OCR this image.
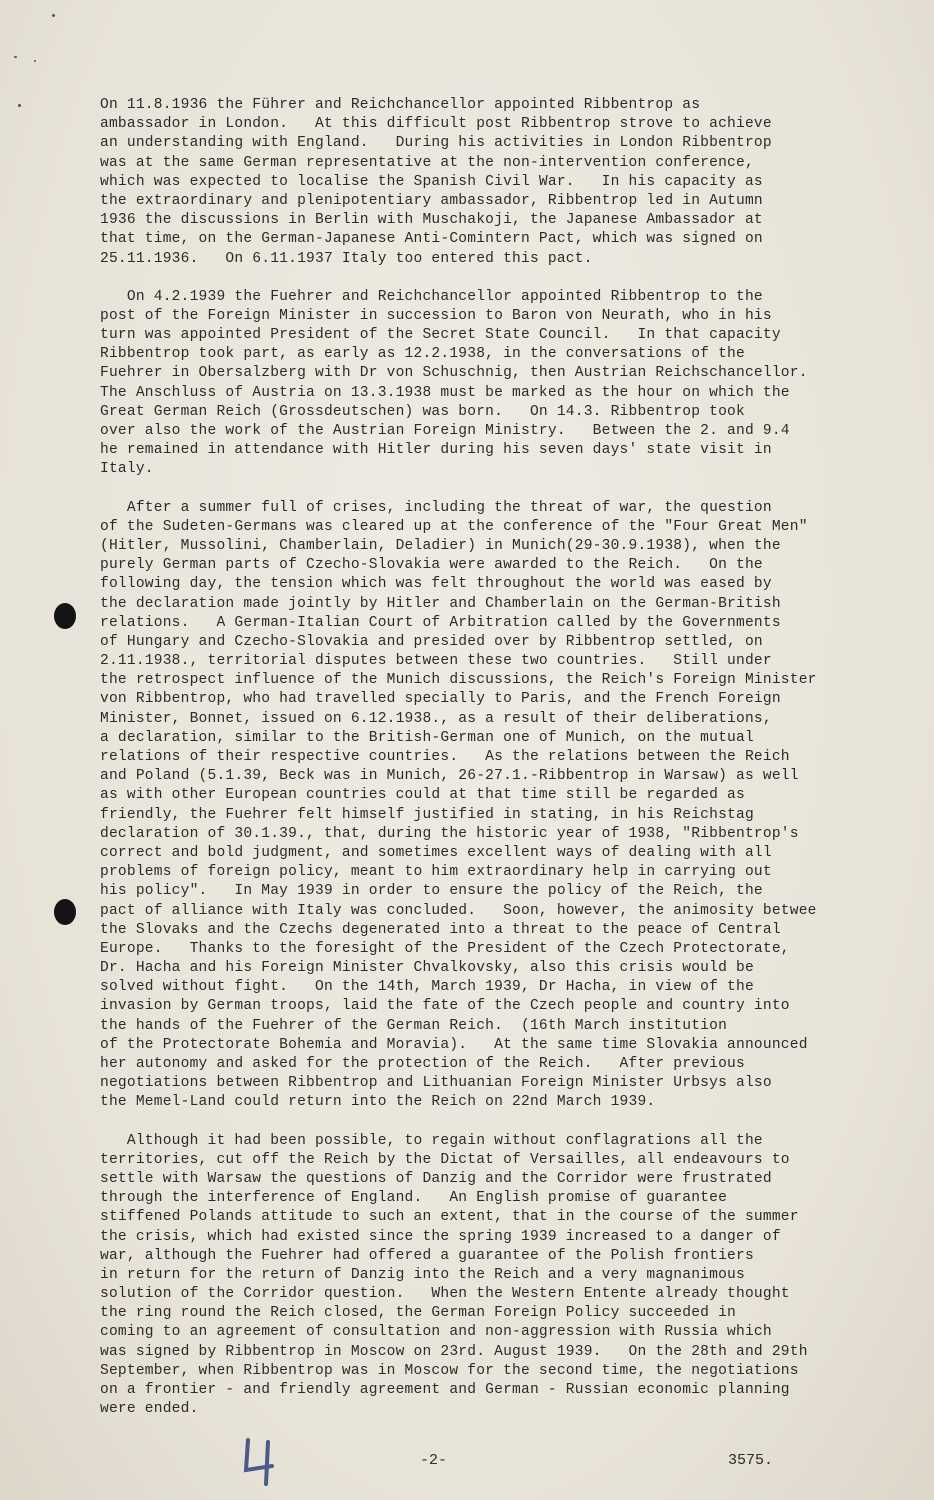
On 11.8.1936 the Führer and Reichchancellor appointed Ribbentrop as
ambassador in London.   At this difficult post Ribbentrop strove to achieve
an understanding with England.   During his activities in London Ribbentrop
was at the same German representative at the non-intervention conference,
which was expected to localise the Spanish Civil War.   In his capacity as
the extraordinary and plenipotentiary ambassador, Ribbentrop led in Autumn
1936 the discussions in Berlin with Muschakoji, the Japanese Ambassador at
that time, on the German-Japanese Anti-Comintern Pact, which was signed on
25.11.1936.   On 6.11.1937 Italy too entered this pact.
On 4.2.1939 the Fuehrer and Reichchancellor appointed Ribbentrop to the
post of the Foreign Minister in succession to Baron von Neurath, who in his
turn was appointed President of the Secret State Council.   In that capacity
Ribbentrop took part, as early as 12.2.1938, in the conversations of the
Fuehrer in Obersalzberg with Dr von Schuschnig, then Austrian Reichschancellor.
The Anschluss of Austria on 13.3.1938 must be marked as the hour on which the
Great German Reich (Grossdeutschen) was born.   On 14.3. Ribbentrop took
over also the work of the Austrian Foreign Ministry.   Between the 2. and 9.4
he remained in attendance with Hitler during his seven days' state visit in
Italy.
After a summer full of crises, including the threat of war, the question
of the Sudeten-Germans was cleared up at the conference of the "Four Great Men"
(Hitler, Mussolini, Chamberlain, Deladier) in Munich(29-30.9.1938), when the
purely German parts of Czecho-Slovakia were awarded to the Reich.   On the
following day, the tension which was felt throughout the world was eased by
the declaration made jointly by Hitler and Chamberlain on the German-British
relations.   A German-Italian Court of Arbitration called by the Governments
of Hungary and Czecho-Slovakia and presided over by Ribbentrop settled, on
2.11.1938., territorial disputes between these two countries.   Still under
the retrospect influence of the Munich discussions, the Reich's Foreign Minister
von Ribbentrop, who had travelled specially to Paris, and the French Foreign
Minister, Bonnet, issued on 6.12.1938., as a result of their deliberations,
a declaration, similar to the British-German one of Munich, on the mutual
relations of their respective countries.   As the relations between the Reich
and Poland (5.1.39, Beck was in Munich, 26-27.1.-Ribbentrop in Warsaw) as well
as with other European countries could at that time still be regarded as
friendly, the Fuehrer felt himself justified in stating, in his Reichstag
declaration of 30.1.39., that, during the historic year of 1938, "Ribbentrop's
correct and bold judgment, and sometimes excellent ways of dealing with all
problems of foreign policy, meant to him extraordinary help in carrying out
his policy".   In May 1939 in order to ensure the policy of the Reich, the
pact of alliance with Italy was concluded.   Soon, however, the animosity betwee
the Slovaks and the Czechs degenerated into a threat to the peace of Central
Europe.   Thanks to the foresight of the President of the Czech Protectorate,
Dr. Hacha and his Foreign Minister Chvalkovsky, also this crisis would be
solved without fight.   On the 14th, March 1939, Dr Hacha, in view of the
invasion by German troops, laid the fate of the Czech people and country into
the hands of the Fuehrer of the German Reich.  (16th March institution
of the Protectorate Bohemia and Moravia).   At the same time Slovakia announced
her autonomy and asked for the protection of the Reich.   After previous
negotiations between Ribbentrop and Lithuanian Foreign Minister Urbsys also
the Memel-Land could return into the Reich on 22nd March 1939.
Although it had been possible, to regain without conflagrations all the
territories, cut off the Reich by the Dictat of Versailles, all endeavours to
settle with Warsaw the questions of Danzig and the Corridor were frustrated
through the interference of England.   An English promise of guarantee
stiffened Polands attitude to such an extent, that in the course of the summer
the crisis, which had existed since the spring 1939 increased to a danger of
war, although the Fuehrer had offered a guarantee of the Polish frontiers
in return for the return of Danzig into the Reich and a very magnanimous
solution of the Corridor question.   When the Western Entente already thought
the ring round the Reich closed, the German Foreign Policy succeeded in
coming to an agreement of consultation and non-aggression with Russia which
was signed by Ribbentrop in Moscow on 23rd. August 1939.   On the 28th and 29th
September, when Ribbentrop was in Moscow for the second time, the negotiations
on a frontier - and friendly agreement and German - Russian economic planning
were ended.
-2-	3575.
